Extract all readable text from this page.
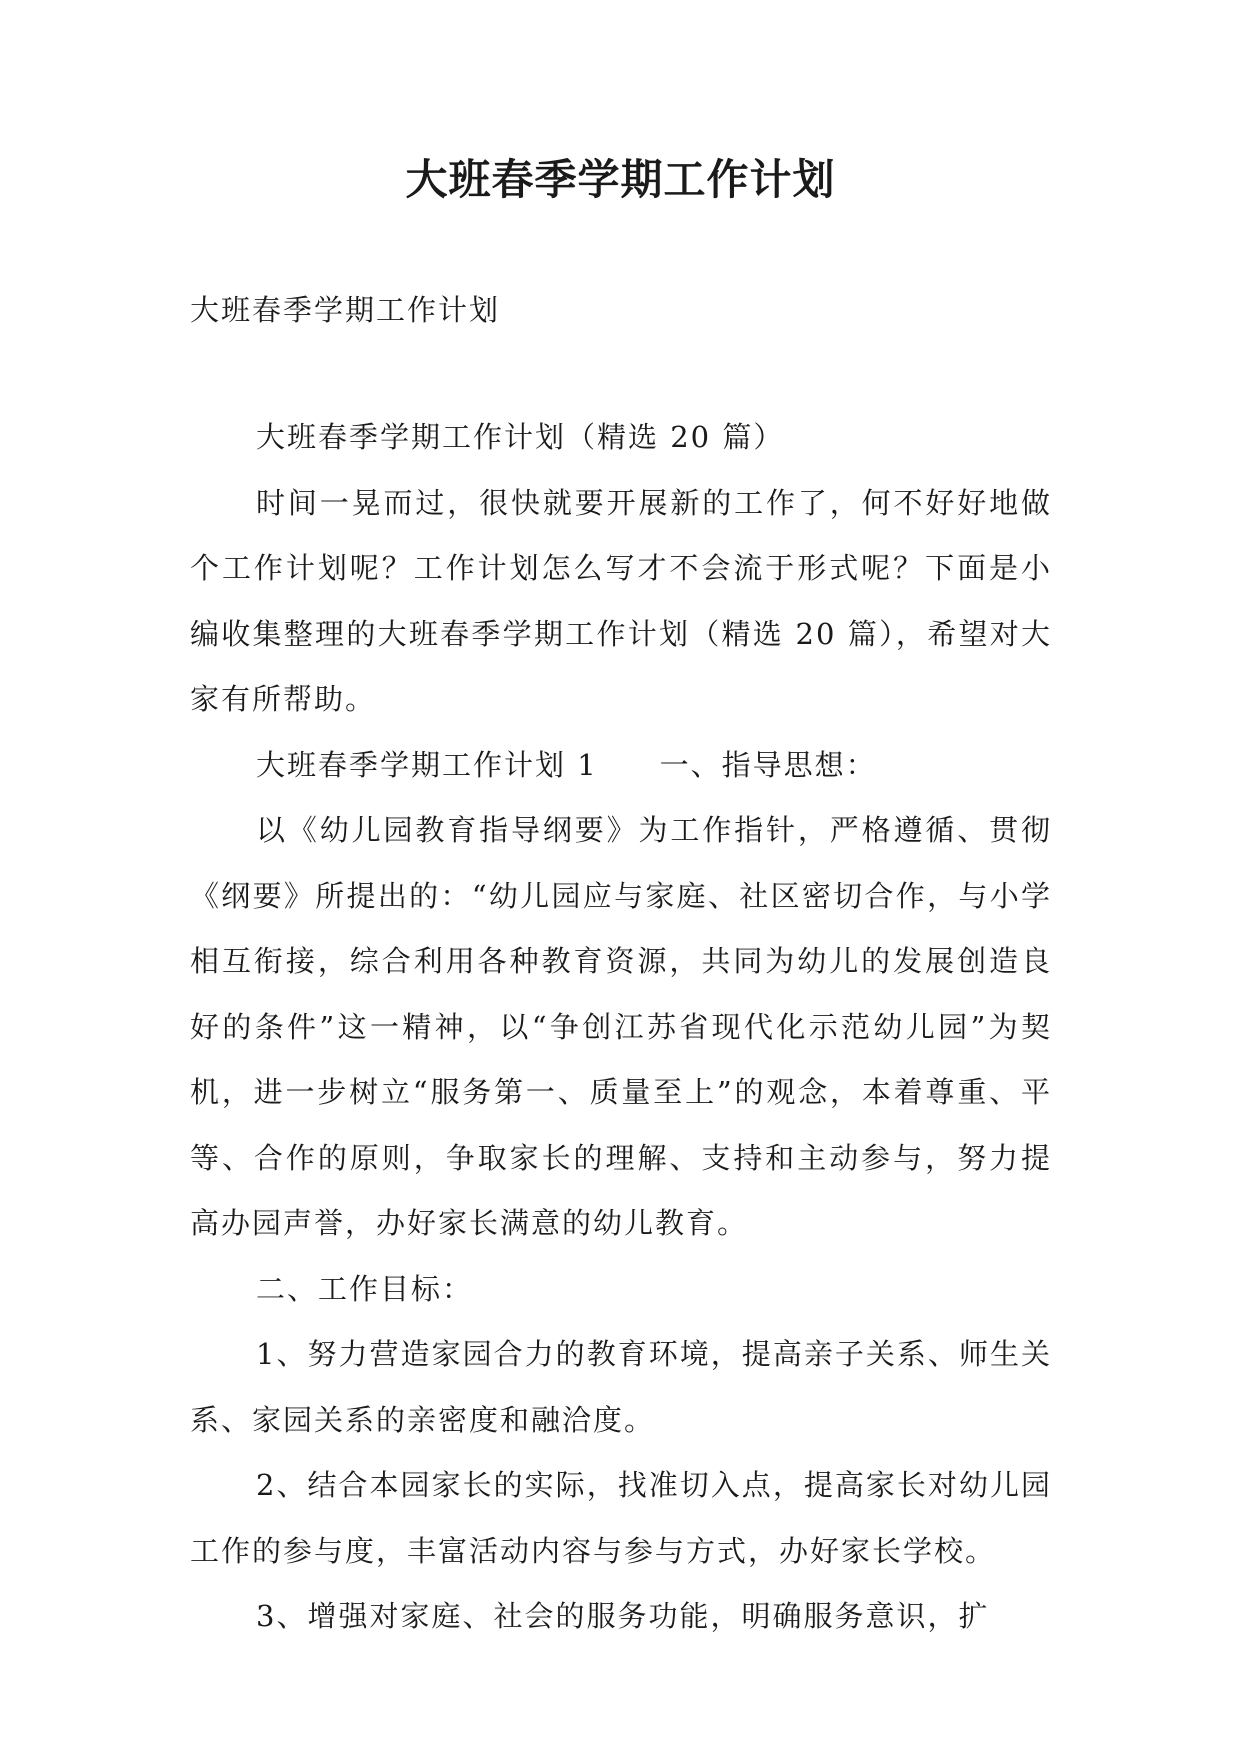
大班春季学期工作计划
大班春季学期工作计划

大班春季学期工作计划（精选 20 篇）

时间一晃而过，很快就要开展新的工作了，何不好好地做个工作计划呢？工作计划怎么写才不会流于形式呢？下面是小编收集整理的大班春季学期工作计划（精选 20 篇），希望对大家有所帮助。

大班春季学期工作计划 1　　一、指导思想：

以《幼儿园教育指导纲要》为工作指针，严格遵循、贯彻《纲要》所提出的：“幼儿园应与家庭、社区密切合作，与小学相互衔接，综合利用各种教育资源，共同为幼儿的发展创造良好的条件”这一精神，以“争创江苏省现代化示范幼儿园”为契机，进一步树立“服务第一、质量至上”的观念，本着尊重、平等、合作的原则，争取家长的理解、支持和主动参与，努力提高办园声誉，办好家长满意的幼儿教育。

二、工作目标：

1、努力营造家园合力的教育环境，提高亲子关系、师生关系、家园关系的亲密度和融洽度。

2、结合本园家长的实际，找准切入点，提高家长对幼儿园工作的参与度，丰富活动内容与参与方式，办好家长学校。

3、增强对家庭、社会的服务功能，明确服务意识，扩
